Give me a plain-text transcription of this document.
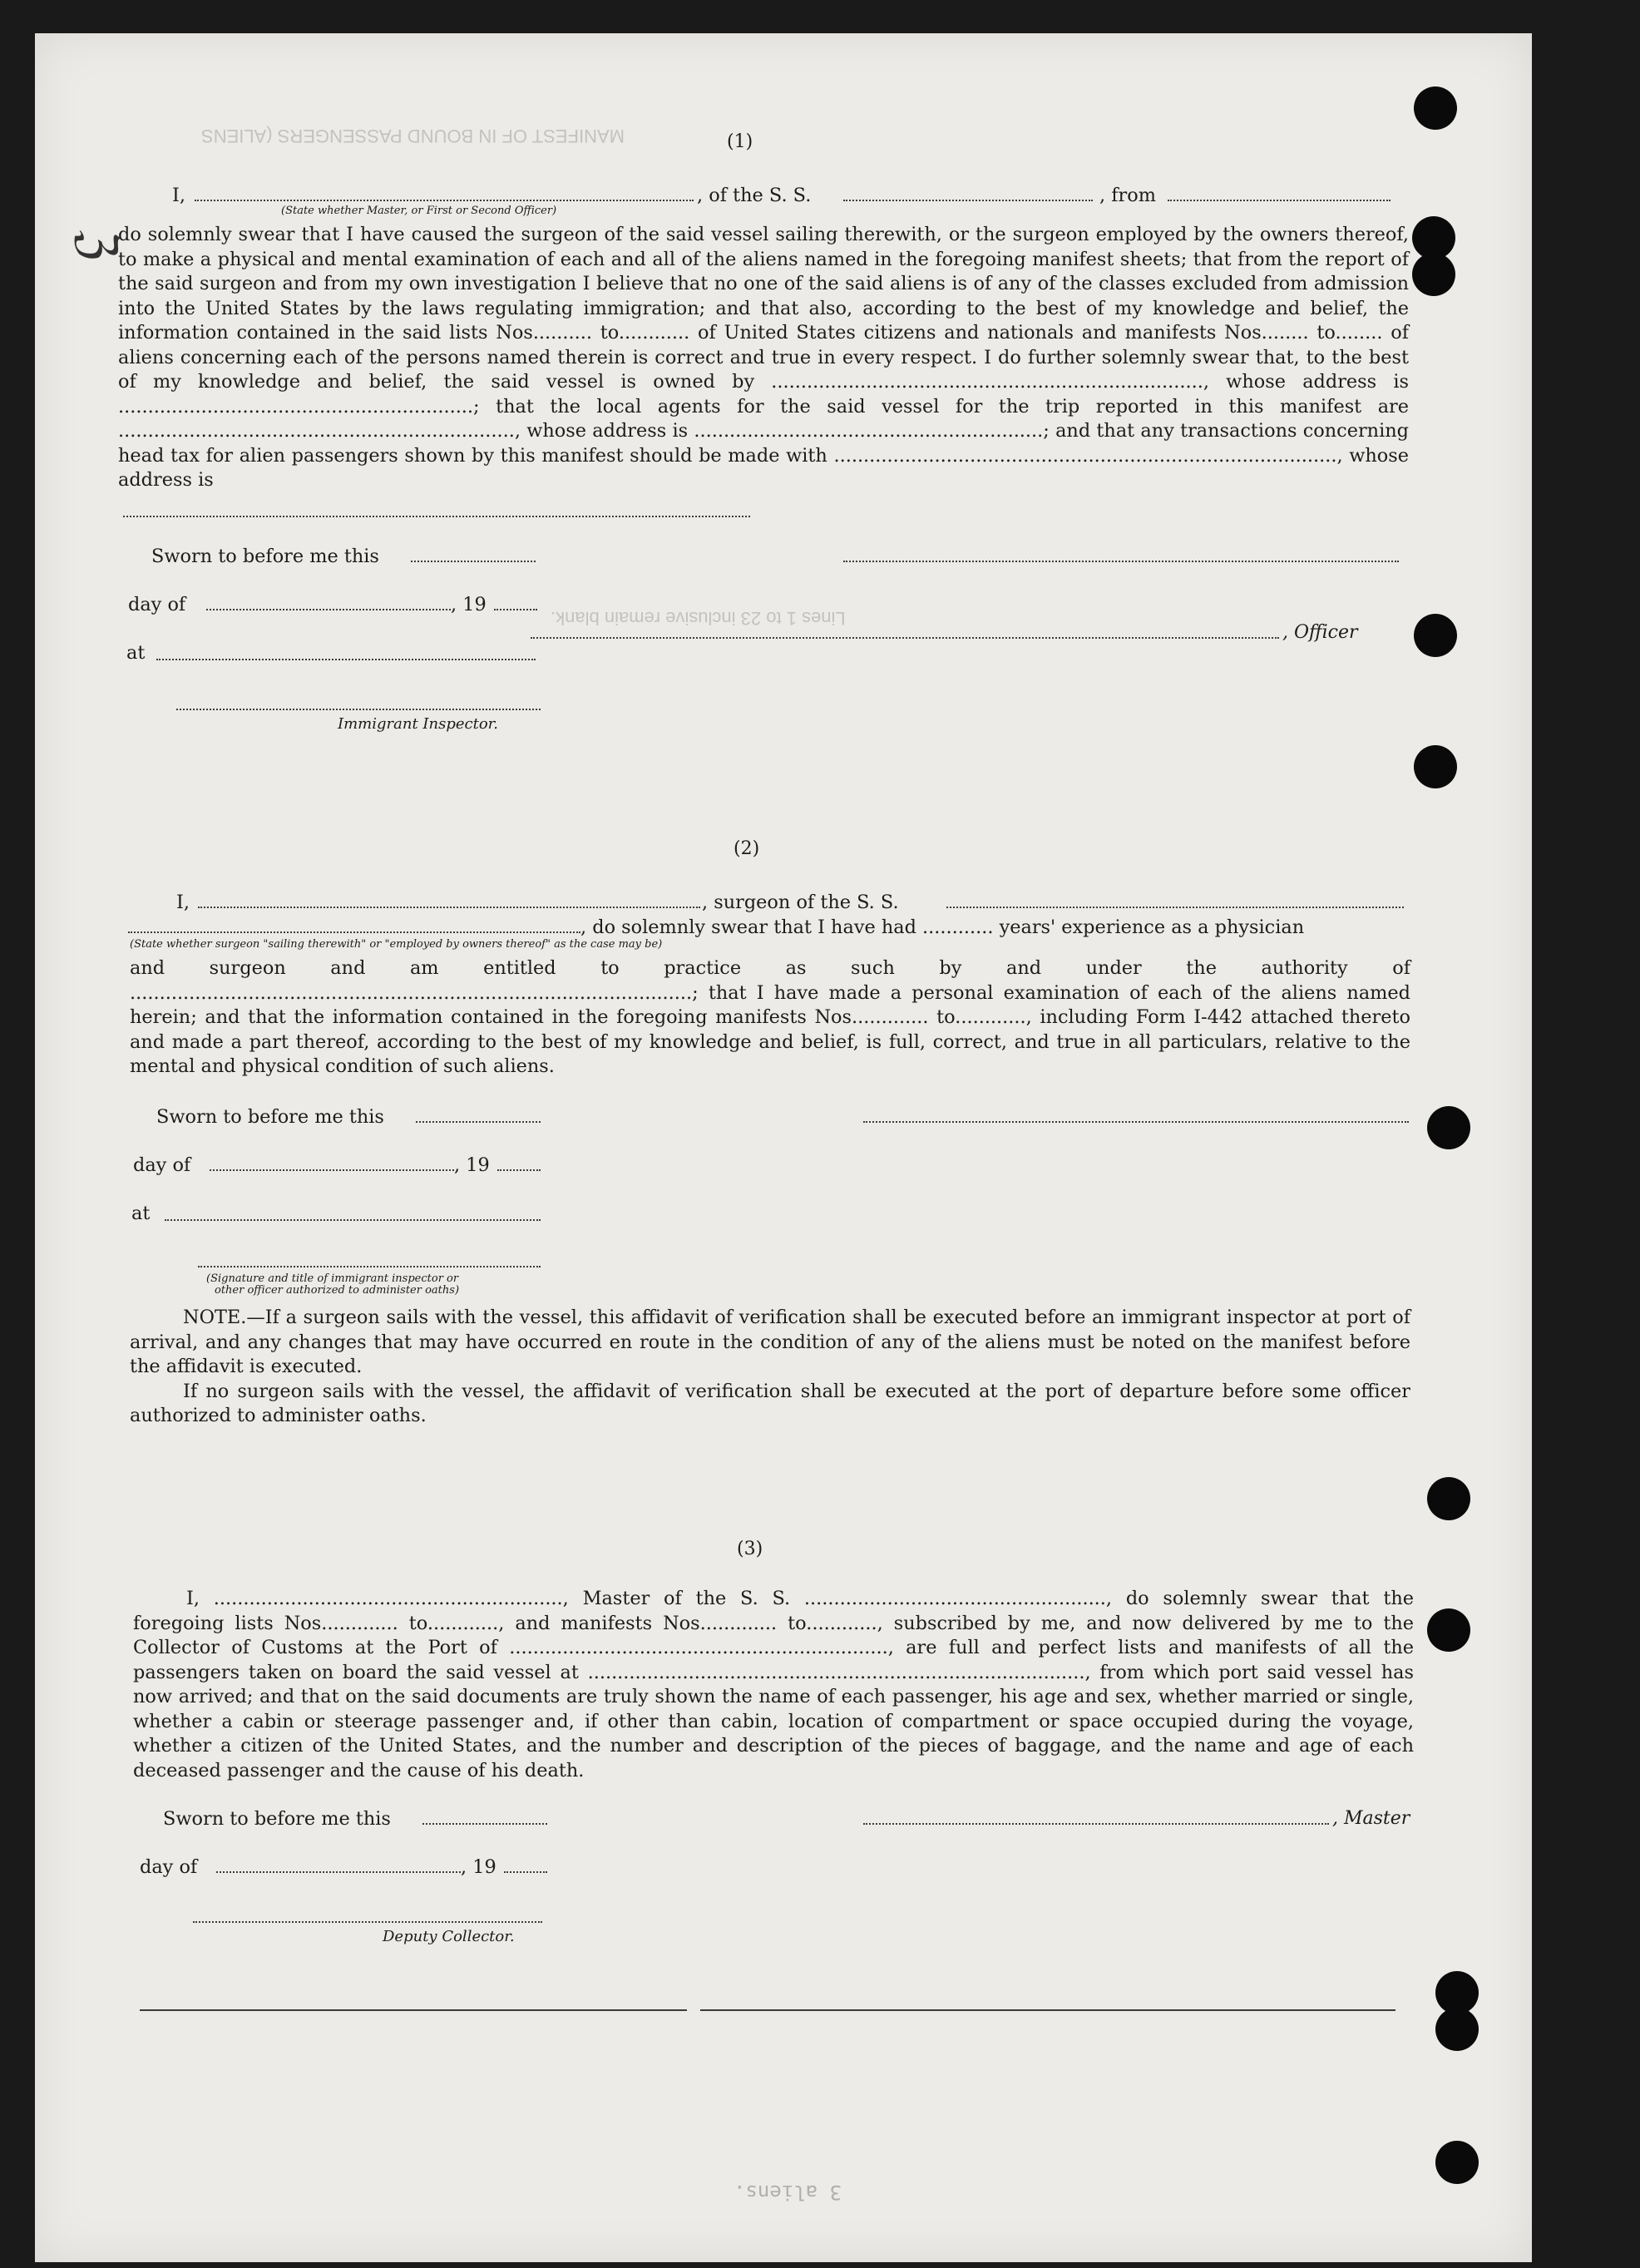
MANIFEST OF IN BOUND PASSENGERS (ALIENS
Lines 1 to 23 inclusive remain blank.
(1)
I,	, of the S. S.	, from
(State whether Master, or First or Second Officer)

do solemnly swear that I have caused the surgeon of the said vessel sailing therewith, or the surgeon employed by the owners thereof, to make a physical and mental examination of each and all of the aliens named in the foregoing manifest sheets; that from the report of the said surgeon and from my own investigation I believe that no one of the said aliens is of any of the classes excluded from admission into the United States by the laws regulating immigration; and that also, according to the best of my knowledge and belief, the information contained in the said lists Nos.......... to............ of United States citizens and nationals and manifests Nos........ to........ of aliens concerning each of the persons named therein is correct and true in every respect. I do further solemnly swear that, to the best of my knowledge and belief, the said vessel is owned by ........................................................................., whose address is ............................................................; that the local agents for the said vessel for the trip reported in this manifest are ..................................................................., whose address is ...........................................................; and that any transactions concerning head tax for alien passengers shown by this manifest should be made with ....................................................................................., whose address is

Sworn to before me this
day of	, 19
, Officer
at
Immigrant Inspector.
(2)
I,	, surgeon of the S. S.
, do solemnly swear that I have had ............ years' experience as a physician
(State whether surgeon "sailing therewith" or "employed by owners thereof" as the case may be)

and surgeon and am entitled to practice as such by and under the authority of ...............................................................................................; that I have made a personal examination of each of the aliens named herein; and that the information contained in the foregoing manifests Nos............. to............, including Form I-442 attached thereto and made a part thereof, according to the best of my knowledge and belief, is full, correct, and true in all particulars, relative to the mental and physical condition of such aliens.

Sworn to before me this
day of	, 19
at
(Signature and title of immigrant inspector or
other officer authorized to administer oaths)

NOTE.—If a surgeon sails with the vessel, this affidavit of verification shall be executed before an immigrant inspector at port of arrival, and any changes that may have occurred en route in the condition of any of the aliens must be noted on the manifest before the affidavit is executed.

If no surgeon sails with the vessel, the affidavit of verification shall be executed at the port of departure before some officer authorized to administer oaths.

(3)

I, ..........................................................., Master of the S. S. ..................................................., do solemnly swear that the foregoing lists Nos............. to............, and manifests Nos............. to............, subscribed by me, and now delivered by me to the Collector of Customs at the Port of ................................................................, are full and perfect lists and manifests of all the passengers taken on board the said vessel at ...................................................................................., from which port said vessel has now arrived; and that on the said documents are truly shown the name of each passenger, his age and sex, whether married or single, whether a cabin or steerage passenger and, if other than cabin, location of compartment or space occupied during the voyage, whether a citizen of the United States, and the number and description of the pieces of baggage, and the name and age of each deceased passenger and the cause of his death.

Sworn to before me this	, Master
day of	, 19
Deputy Collector.
3 aliens.
ℨ
